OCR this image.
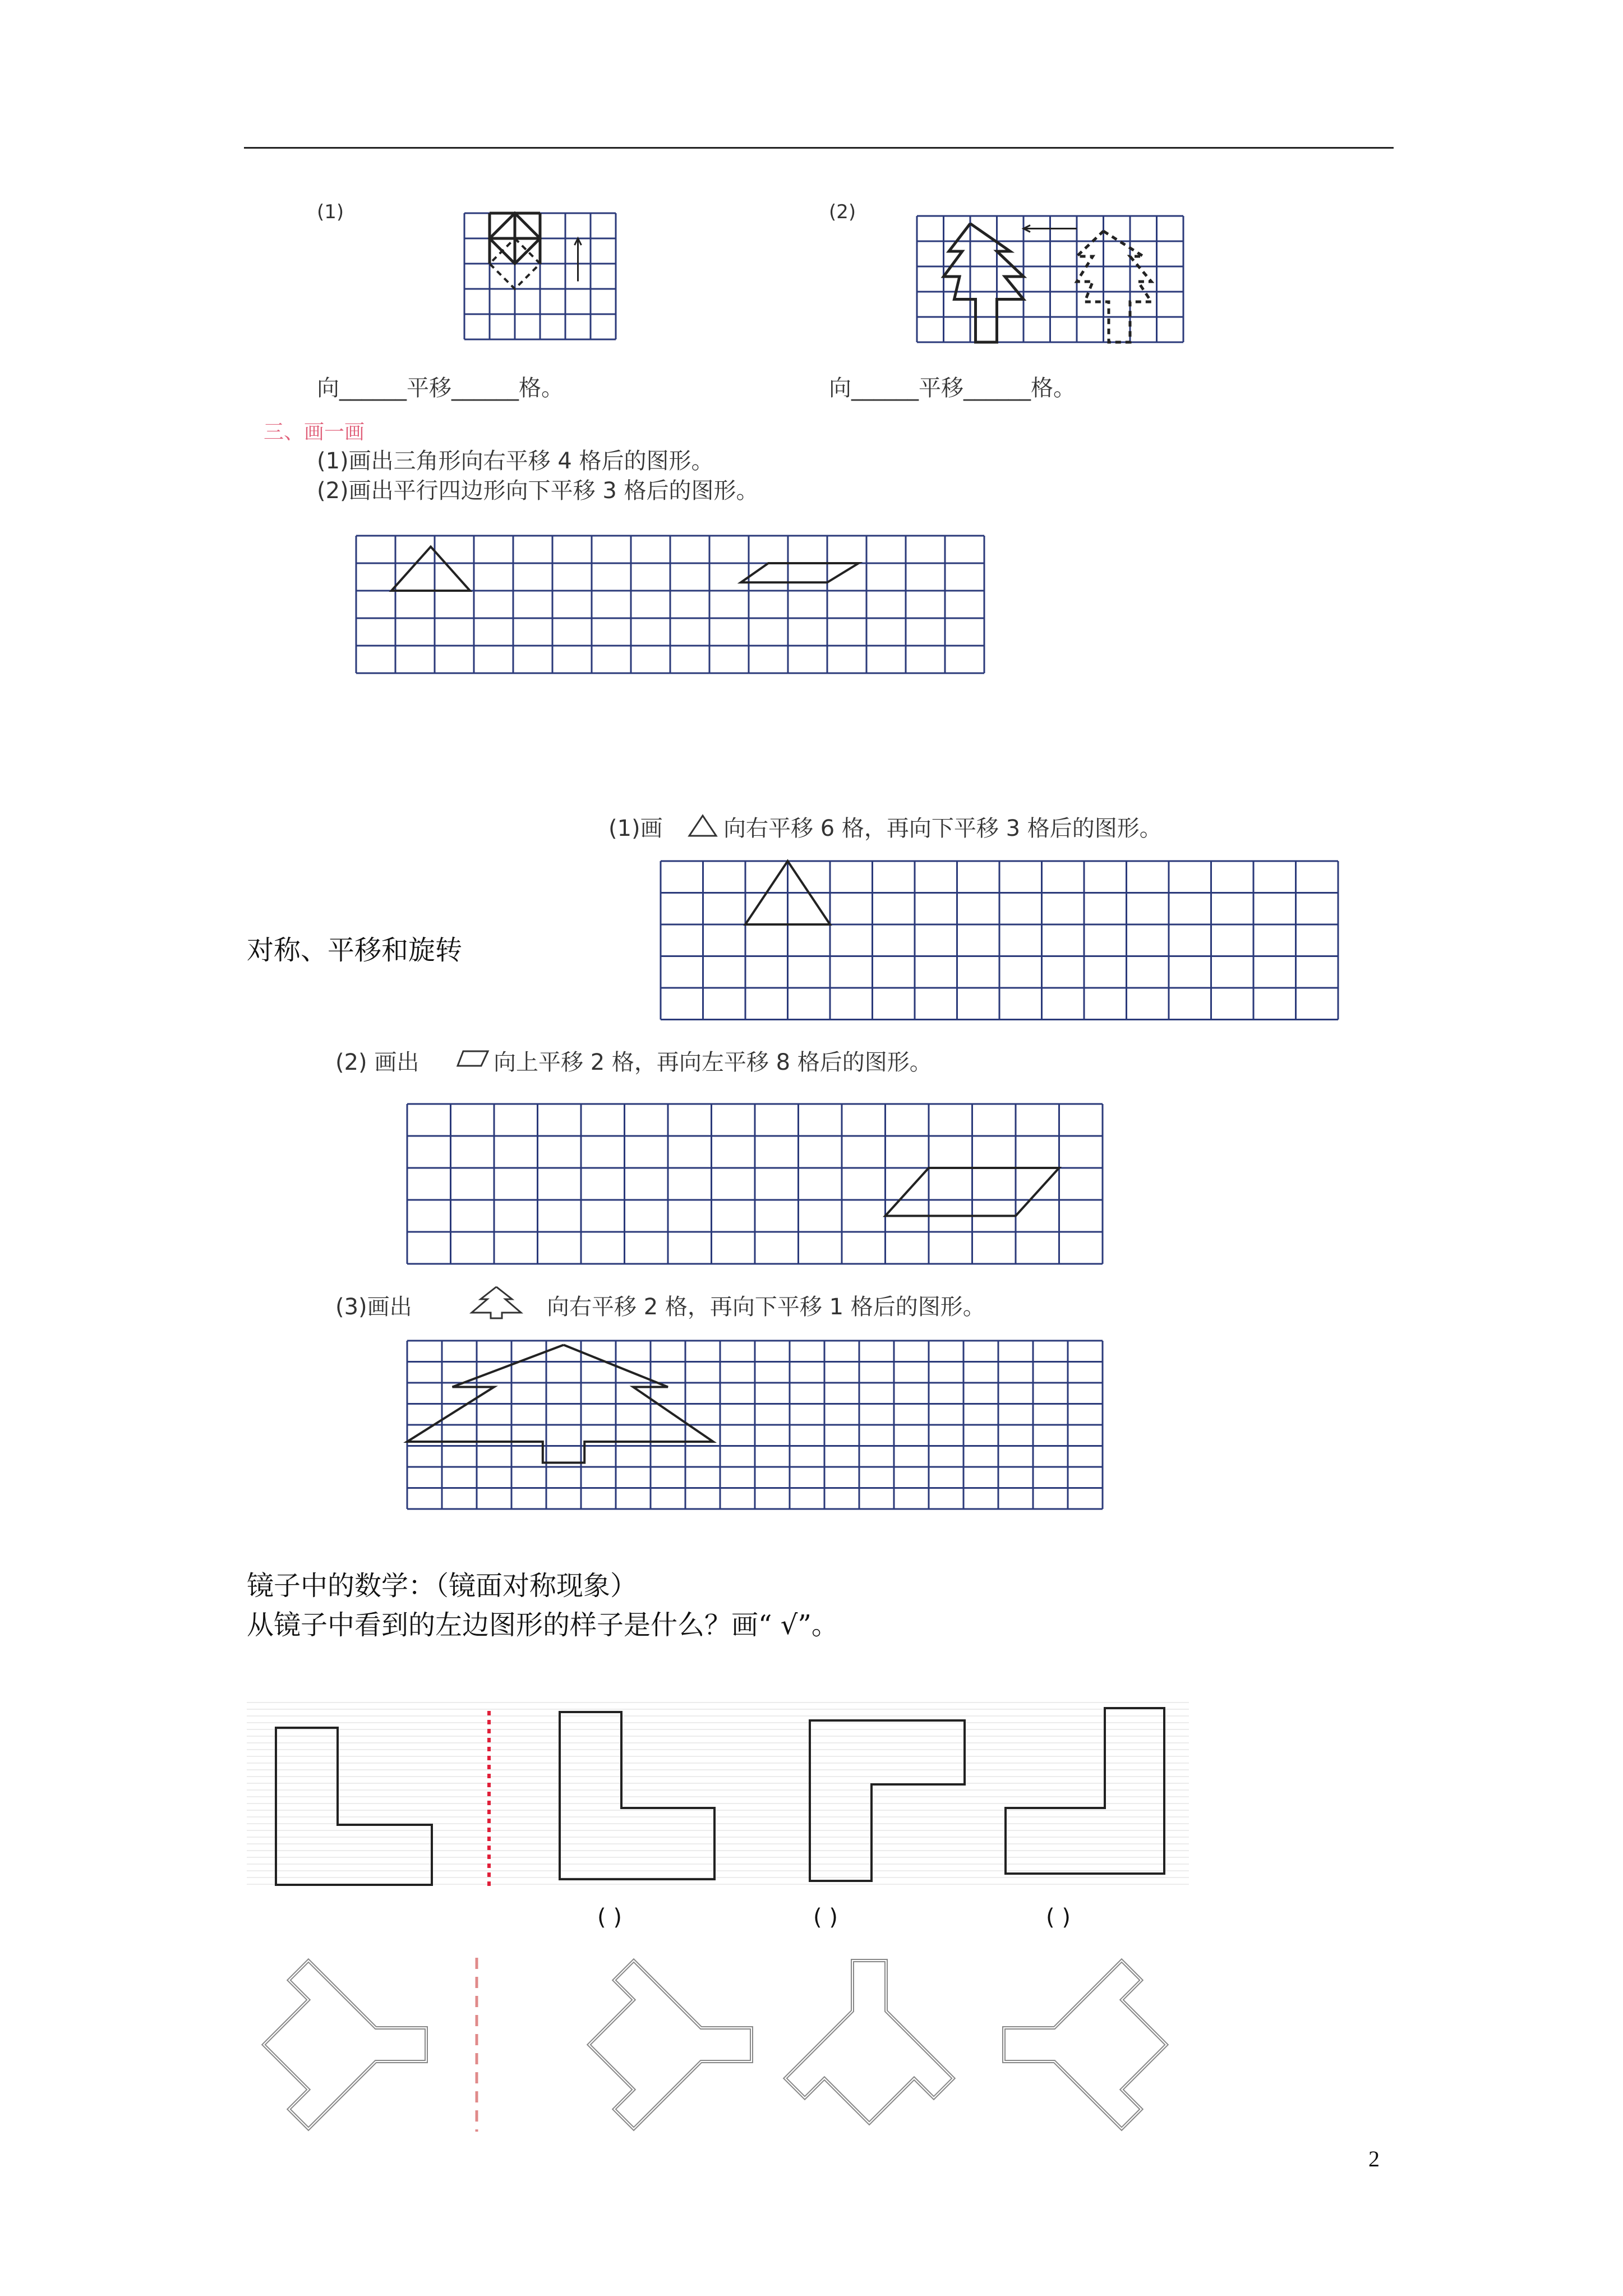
(1)	(2)
向______平移______格。	向______平移______格。
三、画一画
(1)画出三角形向右平移 4 格后的图形。
(2)画出平行四边形向下平移 3 格后的图形。
(1)画	向右平移 6 格，再向下平移 3 格后的图形。
对称、平移和旋转
(2) 画出	向上平移 2 格，再向左平移 8 格后的图形。
(3)画出	向右平移 2 格，再向下平移 1 格后的图形。
镜子中的数学：（镜面对称现象）
从镜子中看到的左边图形的样子是什么？画“ √”。
( )	( )	( )
2
